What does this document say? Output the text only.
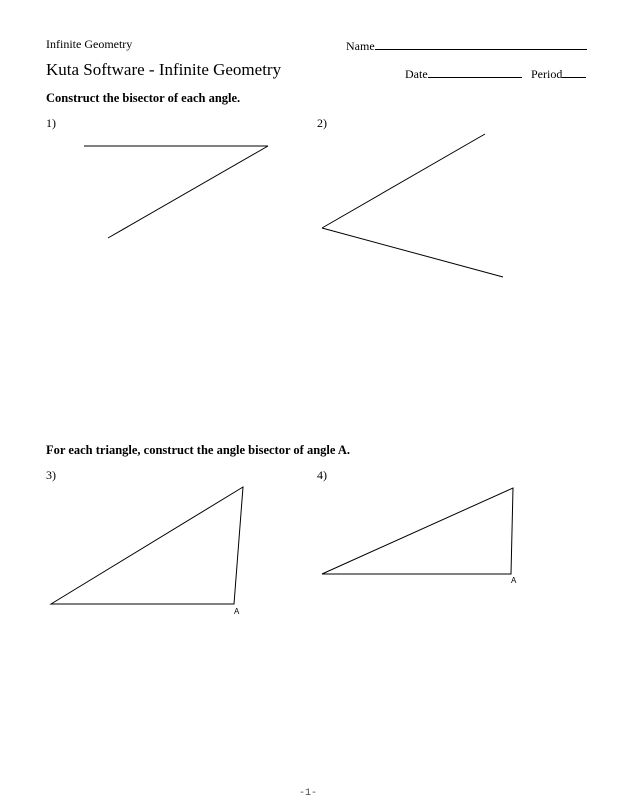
Infinite Geometry	Name
Kuta Software - Infinite Geometry	Date	Period
Construct the bisector of each angle.
1)	2)
For each triangle, construct the angle bisector of angle A.
3)	4)
A
A
-1-
